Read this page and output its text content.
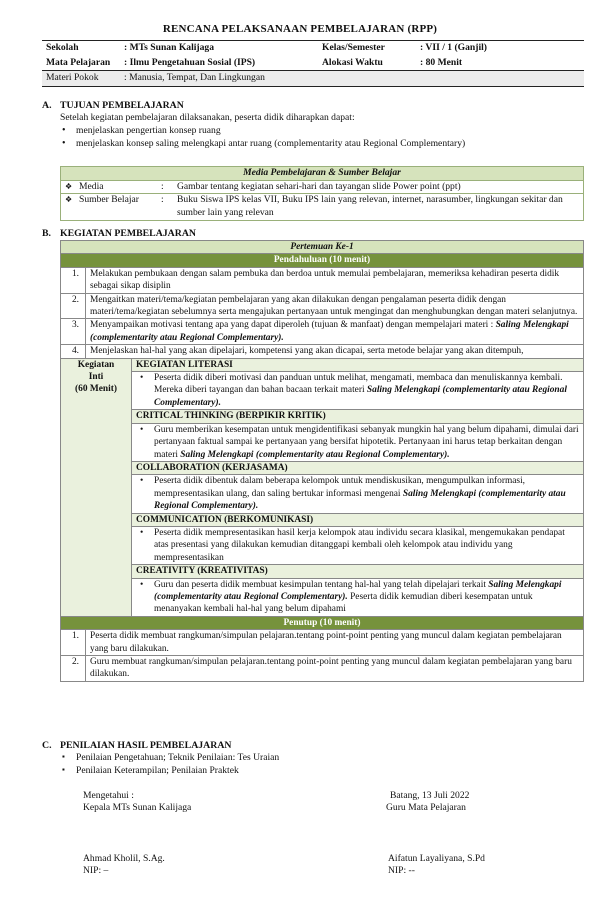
RENCANA PELAKSANAAN PEMBELAJARAN (RPP)
Sekolah	: MTs Sunan Kalijaga	Kelas/Semester	: VII / 1 (Ganjil)
Mata Pelajaran	: Ilmu Pengetahuan Sosial (IPS)	Alokasi Waktu	: 80 Menit
Materi Pokok	: Manusia, Tempat, Dan Lingkungan		
A. TUJUAN PEMBELAJARAN
Setelah kegiatan pembelajaran dilaksanakan, peserta didik diharapkan dapat:
• menjelaskan pengertian konsep ruang
• menjelaskan konsep saling melengkapi antar ruang (complementarity atau Regional Complementary)
Media Pembelajaran & Sumber Belajar		
❖ Media	:	Gambar tentang kegiatan sehari-hari dan tayangan slide Power point (ppt)
❖ Sumber Belajar	:	Buku Siswa IPS kelas VII, Buku IPS lain yang relevan, internet, narasumber, lingkungan sekitar dan sumber lain yang relevan
B. KEGIATAN PEMBELAJARAN
Pertemuan Ke-1
Pendahuluan (10 menit)
1.	Melakukan pembukaan dengan salam pembuka dan berdoa untuk memulai pembelajaran, memeriksa kehadiran peserta didik sebagai sikap disiplin
2.	Mengaitkan materi/tema/kegiatan pembelajaran yang akan dilakukan dengan pengalaman peserta didik dengan materi/tema/kegiatan sebelumnya serta mengajukan pertanyaan untuk mengingat dan menghubungkan dengan materi selanjutnya.
3.	Menyampaikan motivasi tentang apa yang dapat diperoleh (tujuan & manfaat) dengan mempelajari materi : Saling Melengkapi (complementarity atau Regional Complementary).
4.	Menjelaskan hal-hal yang akan dipelajari, kompetensi yang akan dicapai, serta metode belajar yang akan ditempuh,

Kegiatan Inti
(60 Menit)
	KEGIATAN LITERASI

• Peserta didik diberi motivasi dan panduan untuk melihat, mengamati, membaca dan menuliskannya kembali. Mereka diberi tayangan dan bahan bacaan terkait materi Saling Melengkapi (complementarity atau Regional Complementary).

CRITICAL THINKING (BERPIKIR KRITIK)

• Guru memberikan kesempatan untuk mengidentifikasi sebanyak mungkin hal yang belum dipahami, dimulai dari pertanyaan faktual sampai ke pertanyaan yang bersifat hipotetik. Pertanyaan ini harus tetap berkaitan dengan materi Saling Melengkapi (complementarity atau Regional Complementary).

COLLABORATION (KERJASAMA)

• Peserta didik dibentuk dalam beberapa kelompok untuk mendiskusikan, mengumpulkan informasi, mempresentasikan ulang, dan saling bertukar informasi mengenai Saling Melengkapi (complementarity atau Regional Complementary).

COMMUNICATION (BERKOMUNIKASI)

• Peserta didik mempresentasikan hasil kerja kelompok atau individu secara klasikal, mengemukakan pendapat atas presentasi yang dilakukan kemudian ditanggapi kembali oleh kelompok atau individu yang mempresentasikan

CREATIVITY (KREATIVITAS)

• Guru dan peserta didik membuat kesimpulan tentang hal-hal yang telah dipelajari terkait Saling Melengkapi (complementarity atau Regional Complementary). Peserta didik kemudian diberi kesempatan untuk menanyakan kembali hal-hal yang belum dipahami

Penutup (10 menit)
1.	Peserta didik membuat rangkuman/simpulan pelajaran.tentang point-point penting yang muncul dalam kegiatan pembelajaran yang baru dilakukan.
2.	Guru membuat rangkuman/simpulan pelajaran.tentang point-point penting yang muncul dalam kegiatan pembelajaran yang baru dilakukan.
C. PENILAIAN HASIL PEMBELAJARAN
▪ Penilaian Pengetahuan; Teknik Penilaian: Tes Uraian
▪ Penilaian Keterampilan; Penilaian Praktek
Mengetahui :
Kepala MTs Sunan Kalijaga
Ahmad Kholil, S.Ag.
NIP: –
Batang, 13 Juli 2022
Guru Mata Pelajaran
Aifatun Layaliyana, S.Pd
NIP: --
